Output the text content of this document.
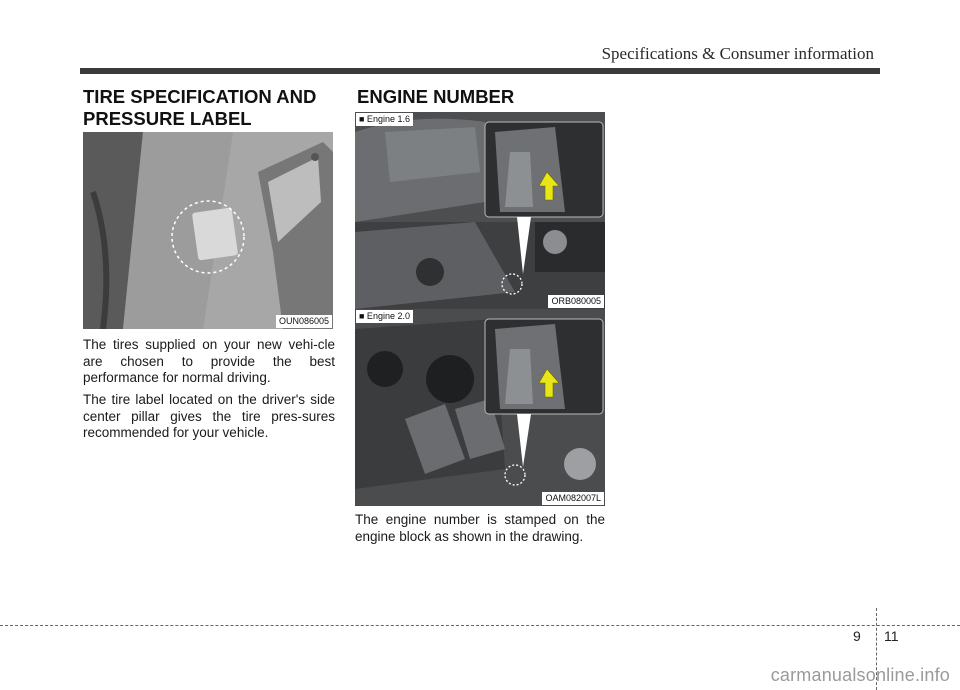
Specifications & Consumer information
TIRE SPECIFICATION AND
PRESSURE LABEL
ENGINE NUMBER
OUN086005
■ Engine 1.6
ORB080005
■ Engine 2.0
OAM082007L
The tires supplied on your new vehi-cle are chosen to provide the best performance for normal driving.
The tire label located on the driver's side center pillar gives the tire pres-sures recommended for your vehicle.
The engine number is stamped on the engine block as shown in the drawing.
9 11
carmanualsonline.info
